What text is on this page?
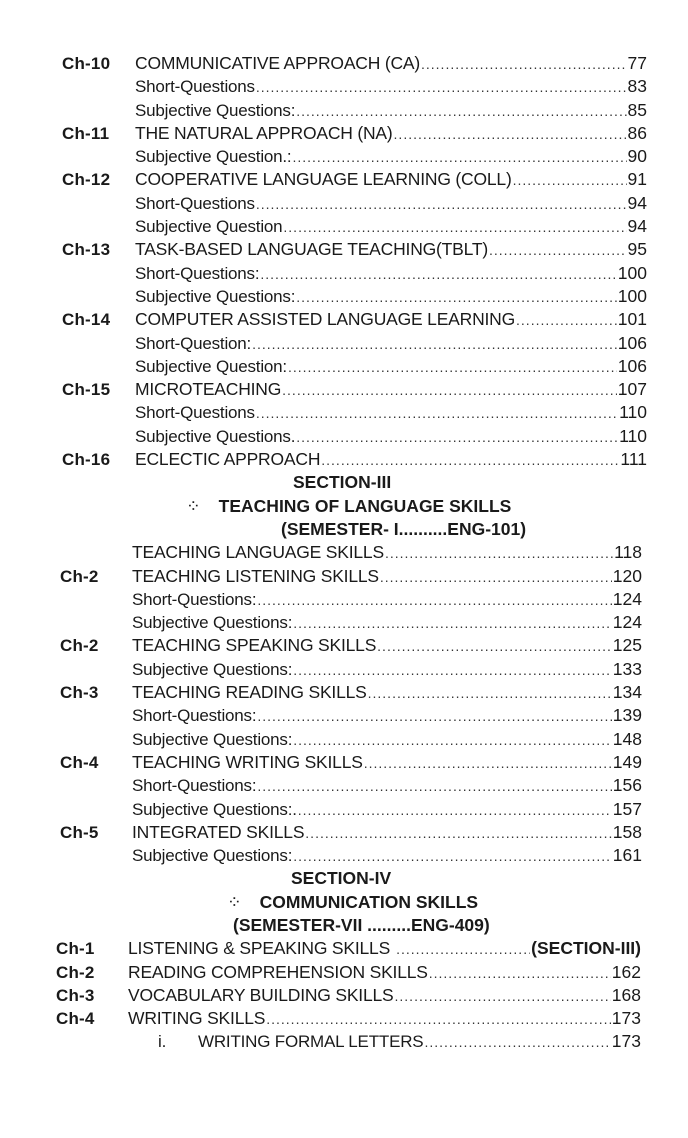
Ch-10 COMMUNICATIVE APPROACH (CA) .....	77
Short-Questions .....	83
Subjective Questions: .....	85
Ch-11 THE NATURAL APPROACH (NA) .....	86
Subjective Question.: .....	90
Ch-12 COOPERATIVE LANGUAGE LEARNING (COLL) .....	91
Short-Questions .....	94
Subjective Question .....	94
Ch-13 TASK-BASED LANGUAGE TEACHING(TBLT) .....	95
Short-Questions: .....	100
Subjective Questions: .....	100
Ch-14 COMPUTER ASSISTED LANGUAGE LEARNING .....	101
Short-Question: .....	106
Subjective Question: .....	106
Ch-15 MICROTEACHING .....	107
Short-Questions .....	110
Subjective Questions. .....	110
Ch-16 ECLECTIC APPROACH .....	111
SECTION-III
⁘ TEACHING OF LANGUAGE SKILLS
(SEMESTER- I..........ENG-101)
TEACHING LANGUAGE SKILLS .....	118
Ch-2 TEACHING LISTENING SKILLS .....	120
Short-Questions: .....	124
Subjective Questions: .....	124
Ch-2 TEACHING SPEAKING SKILLS .....	125
Subjective Questions: .....	133
Ch-3 TEACHING READING SKILLS .....	134
Short-Questions: .....	139
Subjective Questions: .....	148
Ch-4 TEACHING WRITING SKILLS .....	149
Short-Questions: .....	156
Subjective Questions:. .....	157
Ch-5 INTEGRATED SKILLS .....	158
Subjective Questions: .....	161
SECTION-IV
⁘ COMMUNICATION SKILLS
(SEMESTER-VII .........ENG-409)
Ch-1 LISTENING & SPEAKING SKILLS .....	(SECTION-III)
Ch-2 READING COMPREHENSION SKILLS .....	162
Ch-3 VOCABULARY BUILDING SKILLS .....	168
Ch-4 WRITING SKILLS .....	173
i.	WRITING FORMAL LETTERS .....	173
